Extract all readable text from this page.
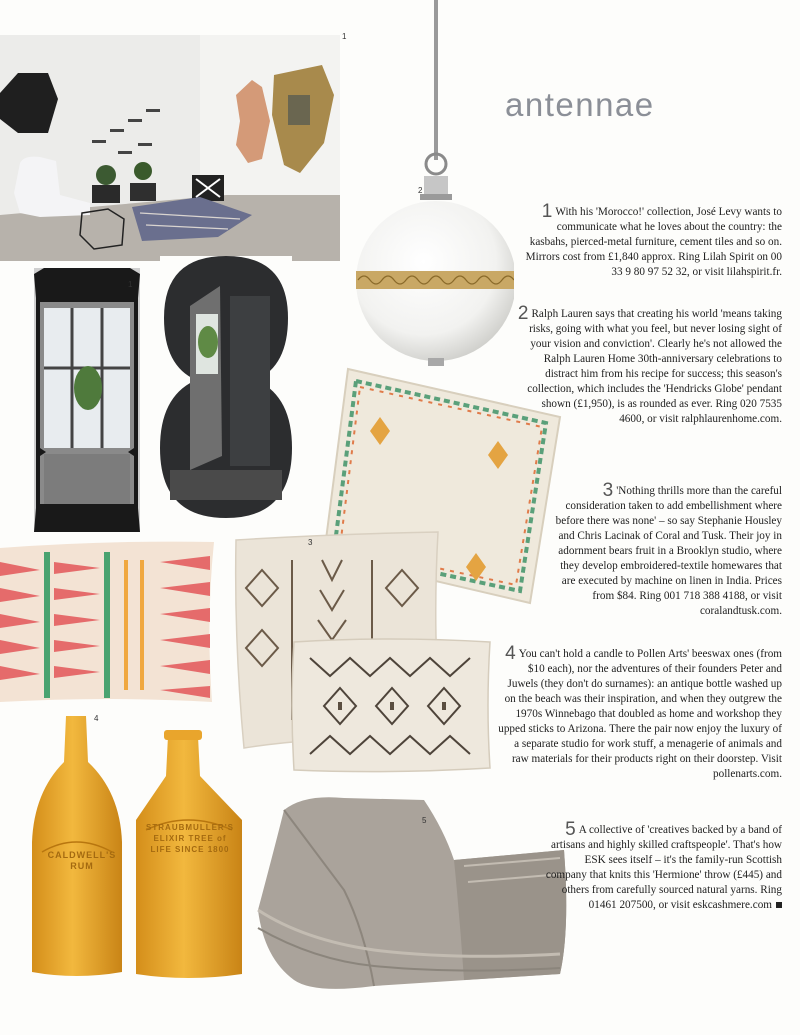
antennae
1
1
2
3
CALDWELL'S RUM
STRAUBMULLER'S ELIXIR TREE of LIFE SINCE 1800
4
5

1 With his 'Morocco!' collection, José Levy wants to communicate what he loves about the country: the kasbahs, pierced-metal furniture, cement tiles and so on. Mirrors cost from £1,840 approx. Ring Lilah Spirit on 00 33 9 80 97 52 32, or visit lilahspirit.fr.

2 Ralph Lauren says that creating his world 'means taking risks, going with what you feel, but never losing sight of your vision and conviction'. Clearly he's not allowed the Ralph Lauren Home 30th-anniversary celebrations to distract him from his recipe for success; this season's collection, which includes the 'Hendricks Globe' pendant shown (£1,950), is as rounded as ever. Ring 020 7535 4600, or visit ralphlaurenhome.com.

3 'Nothing thrills more than the careful consideration taken to add embellishment where before there was none' – so say Stephanie Housley and Chris Lacinak of Coral and Tusk. Their joy in adornment bears fruit in a Brooklyn studio, where they develop embroidered-textile homewares that are executed by machine on linen in India. Prices from $84. Ring 001 718 388 4188, or visit coralandtusk.com.

4 You can't hold a candle to Pollen Arts' beeswax ones (from $10 each), nor the adventures of their founders Peter and Juwels (they don't do surnames): an antique bottle washed up on the beach was their inspiration, and when they outgrew the 1970s Winnebago that doubled as home and workshop they upped sticks to Arizona. There the pair now enjoy the luxury of a separate studio for work stuff, a menagerie of animals and raw materials for their products right on their doorstep. Visit pollenarts.com.

5 A collective of 'creatives backed by a band of artisans and highly skilled craftspeople'. That's how ESK sees itself – it's the family-run Scottish company that knits this 'Hermione' throw (£445) and others from carefully sourced natural yarns. Ring 01461 207500, or visit eskcashmere.com
